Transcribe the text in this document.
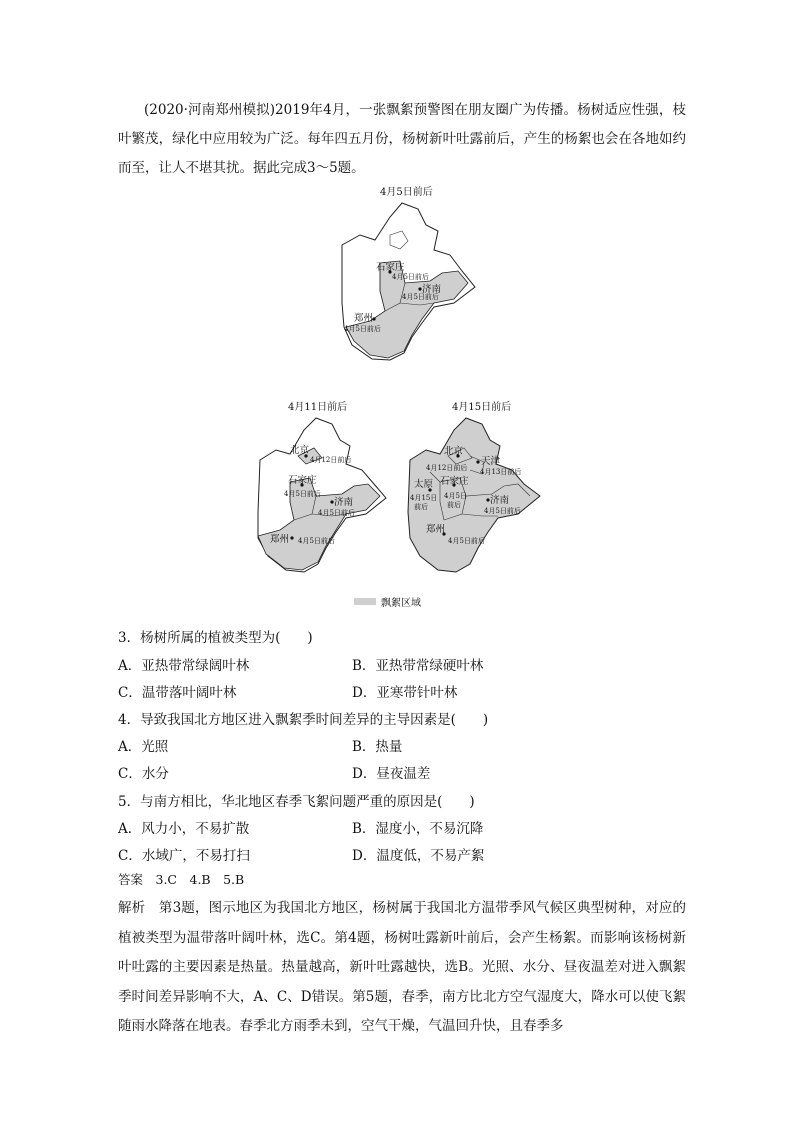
(2020·河南郑州模拟)2019年4月，一张飘絮预警图在朋友圈广为传播。杨树适应性强，枝叶繁茂，绿化中应用较为广泛。每年四五月份，杨树新叶吐露前后，产生的杨絮也会在各地如约而至，让人不堪其扰。据此完成3～5题。

4月5日前后
石家庄
济南
郑州
4月5日前后
4月5日前后
4月5日前后
4月11日前后
北京
4月12日前后
石家庄
4月5日前后
济南
4月5日前后
郑州 4月5日前后
4月15日前后
北京
天津
4月12日前后 4月13日前后
太原 石家庄
4月15日
前后
4月5日
前后	济南
4月5日前后
郑州
4月5日前后
飘絮区域
3．杨树所属的植被类型为(　　)
A．亚热带常绿阔叶林	B．亚热带常绿硬叶林
C．温带落叶阔叶林	D．亚寒带针叶林
4．导致我国北方地区进入飘絮季时间差异的主导因素是(　　)
A．光照	B．热量
C．水分	D．昼夜温差
5．与南方相比，华北地区春季飞絮问题严重的原因是(　　)
A．风力小，不易扩散	B．湿度小，不易沉降
C．水域广，不易打扫	D．温度低，不易产絮
答案　3.C　4.B　5.B

解析　第3题，图示地区为我国北方地区，杨树属于我国北方温带季风气候区典型树种，对应的植被类型为温带落叶阔叶林，选C。第4题，杨树吐露新叶前后，会产生杨絮。而影响该杨树新叶吐露的主要因素是热量。热量越高，新叶吐露越快，选B。光照、水分、昼夜温差对进入飘絮季时间差异影响不大，A、C、D错误。第5题，春季，南方比北方空气湿度大，降水可以使飞絮随雨水降落在地表。春季北方雨季未到，空气干燥，气温回升快，且春季多
